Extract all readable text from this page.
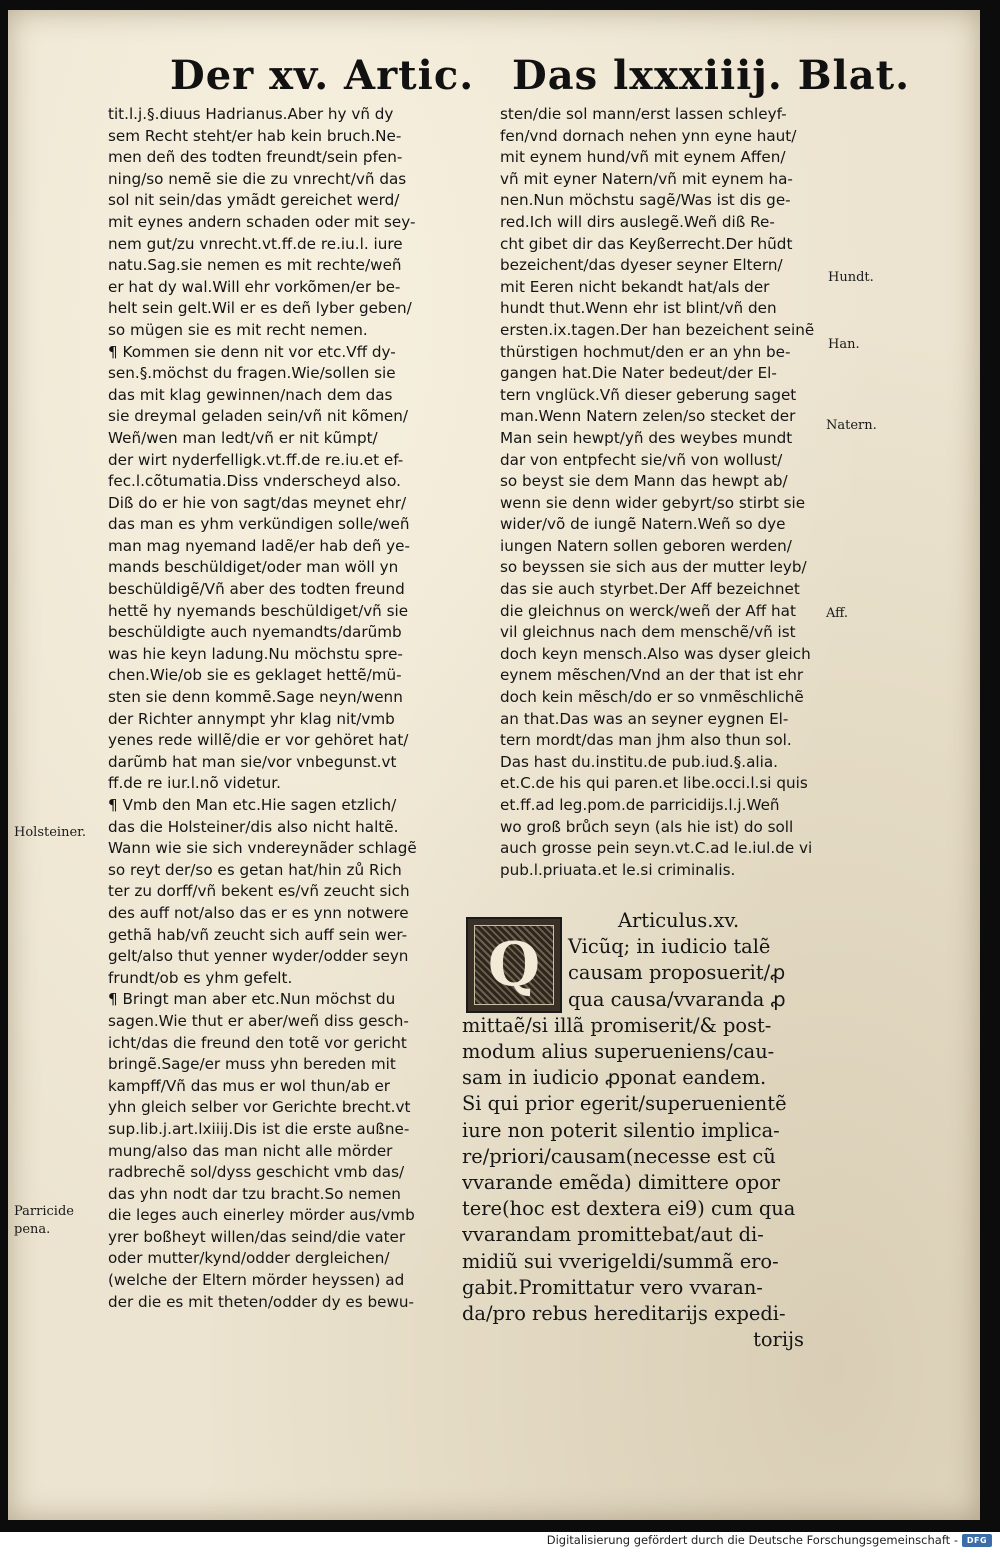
Der xv. Artic. Das lxxxiiij. Blat.
tit.l.j.§.diuus Hadrianus.Aber hy vñ dy
sem Recht steht/er hab kein bruch.Ne-
men deñ des todten freundt/sein pfen-
ning/so nemẽ sie die zu vnrecht/vñ das
sol nit sein/das ymãdt gereichet werd/
mit eynes andern schaden oder mit sey-
nem gut/zu vnrecht.vt.ff.de re.iu.l. iure
natu.Sag.sie nemen es mit rechte/weñ
er hat dy wal.Will ehr vorkõmen/er be-
helt sein gelt.Wil er es deñ lyber geben/
so mügen sie es mit recht nemen.
¶ Kommen sie denn nit vor etc.Vff dy-
sen.§.möchst du fragen.Wie/sollen sie
das mit klag gewinnen/nach dem das
sie dreymal geladen sein/vñ nit kõmen/
Weñ/wen man ledt/vñ er nit kũmpt/
der wirt nyderfelligk.vt.ff.de re.iu.et ef-
fec.l.cõtumatia.Diss vnderscheyd also.
Diß do er hie von sagt/das meynet ehr/
das man es yhm verkündigen solle/weñ
man mag nyemand ladẽ/er hab deñ ye-
mands beschüldiget/oder man wöll yn
beschüldigẽ/Vñ aber des todten freund
hettẽ hy nyemands beschüldiget/vñ sie
beschüldigte auch nyemandts/darũmb
was hie keyn ladung.Nu möchstu spre-
chen.Wie/ob sie es geklaget hettẽ/mü-
sten sie denn kommẽ.Sage neyn/wenn
der Richter annympt yhr klag nit/vmb
yenes rede willẽ/die er vor gehöret hat/
darũmb hat man sie/vor vnbegunst.vt
ff.de re iur.l.nõ videtur.
¶ Vmb den Man etc.Hie sagen etzlich/
das die Holsteiner/dis also nicht haltẽ.
Wann wie sie sich vndereynãder schlagẽ
so reyt der/so es getan hat/hin zů Rich
ter zu dorff/vñ bekent es/vñ zeucht sich
des auff not/also das er es ynn notwere
gethã hab/vñ zeucht sich auff sein wer-
gelt/also thut yenner wyder/odder seyn
frundt/ob es yhm gefelt.
¶ Bringt man aber etc.Nun möchst du
sagen.Wie thut er aber/weñ diss gesch-
icht/das die freund den totẽ vor gericht
bringẽ.Sage/er muss yhn bereden mit
kampff/Vñ das mus er wol thun/ab er
yhn gleich selber vor Gerichte brecht.vt
sup.lib.j.art.lxiiij.Dis ist die erste außne-
mung/also das man nicht alle mörder
radbrechẽ sol/dyss geschicht vmb das/
das yhn nodt dar tzu bracht.So nemen
die leges auch einerley mörder aus/vmb
yrer boßheyt willen/das seind/die vater
oder mutter/kynd/odder dergleichen/
(welche der Eltern mörder heyssen) ad
der die es mit theten/odder dy es bewu-
sten/die sol mann/erst lassen schleyf-
fen/vnd dornach nehen ynn eyne haut/
mit eynem hund/vñ mit eynem Affen/
vñ mit eyner Natern/vñ mit eynem ha-
nen.Nun möchstu sagẽ/Was ist dis ge-
red.Ich will dirs auslegẽ.Weñ diß Re-
cht gibet dir das Keyßerrecht.Der hũdt
bezeichent/das dyeser seyner Eltern/
mit Eeren nicht bekandt hat/als der
hundt thut.Wenn ehr ist blint/vñ den
ersten.ix.tagen.Der han bezeichent seinẽ
thürstigen hochmut/den er an yhn be-
gangen hat.Die Nater bedeut/der El-
tern vnglück.Vñ dieser geberung saget
man.Wenn Natern zelen/so stecket der
Man sein hewpt/yñ des weybes mundt
dar von entpfecht sie/vñ von wollust/
so beyst sie dem Mann das hewpt ab/
wenn sie denn wider gebyrt/so stirbt sie
wider/võ de iungẽ Natern.Weñ so dye
iungen Natern sollen geboren werden/
so beyssen sie sich aus der mutter leyb/
das sie auch styrbet.Der Aff bezeichnet
die gleichnus on werck/weñ der Aff hat
vil gleichnus nach dem menschẽ/vñ ist
doch keyn mensch.Also was dyser gleich
eynem mẽschen/Vnd an der that ist ehr
doch kein mẽsch/do er so vnmẽschlichẽ
an that.Das was an seyner eygnen El-
tern mordt/das man jhm also thun sol.
Das hast du.institu.de pub.iud.§.alia.
et.C.de his qui paren.et libe.occi.l.si quis
et.ff.ad leg.pom.de parricidijs.l.j.Weñ
wo groß brůch seyn (als hie ist) do soll
auch grosse pein seyn.vt.C.ad le.iul.de vi
pub.l.priuata.et le.si criminalis.
Q
Articulus.xv.
Vicũq; in iudicio talẽ
causam proposuerit/ꝓ
qua causa/vvaranda ꝓ
mittaẽ/si illã promiserit/& post-
modum alius superueniens/cau-
sam in iudicio ꝓponat eandem.
Si qui prior egerit/superuenientẽ
iure non poterit silentio implica-
re/priori/causam(necesse est cũ
vvarande emẽda) dimittere opor
tere(hoc est dextera ei9) cum qua
vvarandam promittebat/aut di-
midiũ sui vverigeldi/summã ero-
gabit.Promittatur vero vvaran-
da/pro rebus hereditarijs expedi-
torijs
Holsteiner.
Parricide
pena.
Hundt.
Han.
Natern.
Aff.
Digitalisierung gefördert durch die Deutsche Forschungsgemeinschaft - DFG
